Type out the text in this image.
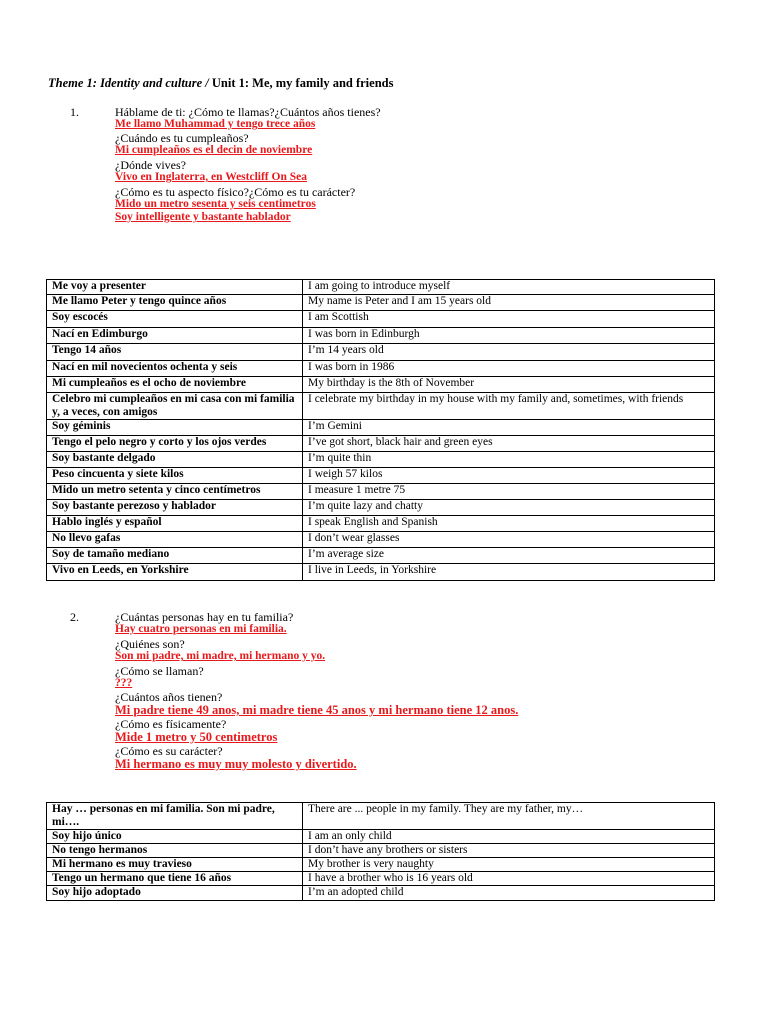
Theme 1: Identity and culture / Unit 1: Me, my family and friends
1.	Háblame de ti: ¿Cómo te llamas?¿Cuántos años tienes?
Me llamo Muhammad y tengo trece años
¿Cuándo es tu cumpleaños?
Mi cumpleaños es el decin de noviembre
¿Dónde vives?
Vivo en Inglaterra, en Westcliff On Sea
¿Cómo es tu aspecto físico?¿Cómo es tu carácter?
Mido un metro sesenta y seis centimetros
Soy intelligente y bastante hablador
Me voy a presenter	I am going to introduce myself
Me llamo Peter y tengo quince años	My name is Peter and I am 15 years old
Soy escocés	I am Scottish
Nací en Edimburgo	I was born in Edinburgh
Tengo 14 años	I’m 14 years old
Nací en mil novecientos ochenta y seis	I was born in 1986
Mi cumpleaños es el ocho de noviembre	My birthday is the 8th of November
Celebro mi cumpleaños en mi casa con mi familia y, a veces, con amigos	I celebrate my birthday in my house with my family and, sometimes, with friends
Soy géminis	I’m Gemini
Tengo el pelo negro y corto y los ojos verdes	I’ve got short, black hair and green eyes
Soy bastante delgado	I’m quite thin
Peso cincuenta y siete kilos	I weigh 57 kilos
Mido un metro setenta y cinco centímetros	I measure 1 metre 75
Soy bastante perezoso y hablador	I’m quite lazy and chatty
Hablo inglés y español	I speak English and Spanish
No llevo gafas	I don’t wear glasses
Soy de tamaño mediano	I’m average size
Vivo en Leeds, en Yorkshire	I live in Leeds, in Yorkshire
2.	¿Cuántas personas hay en tu familia?
Hay cuatro personas en mi familia.
¿Quiénes son?
Son mi padre, mi madre, mi hermano y yo.
¿Cómo se llaman?
???
¿Cuántos años tienen?
Mi padre tiene 49 anos, mi madre tiene 45 anos y mi hermano tiene 12 anos.
¿Cómo es físicamente?
Mide 1 metro y 50 centimetros
¿Cómo es su carácter?
Mi hermano es muy muy molesto y divertido.
Hay … personas en mi familia. Son mi padre, mi….	There are ... people in my family. They are my father, my…
Soy hijo único	I am an only child
No tengo hermanos	I don’t have any brothers or sisters
Mi hermano es muy travieso	My brother is very naughty
Tengo un hermano que tiene 16 años	I have a brother who is 16 years old
Soy hijo adoptado	I’m an adopted child
